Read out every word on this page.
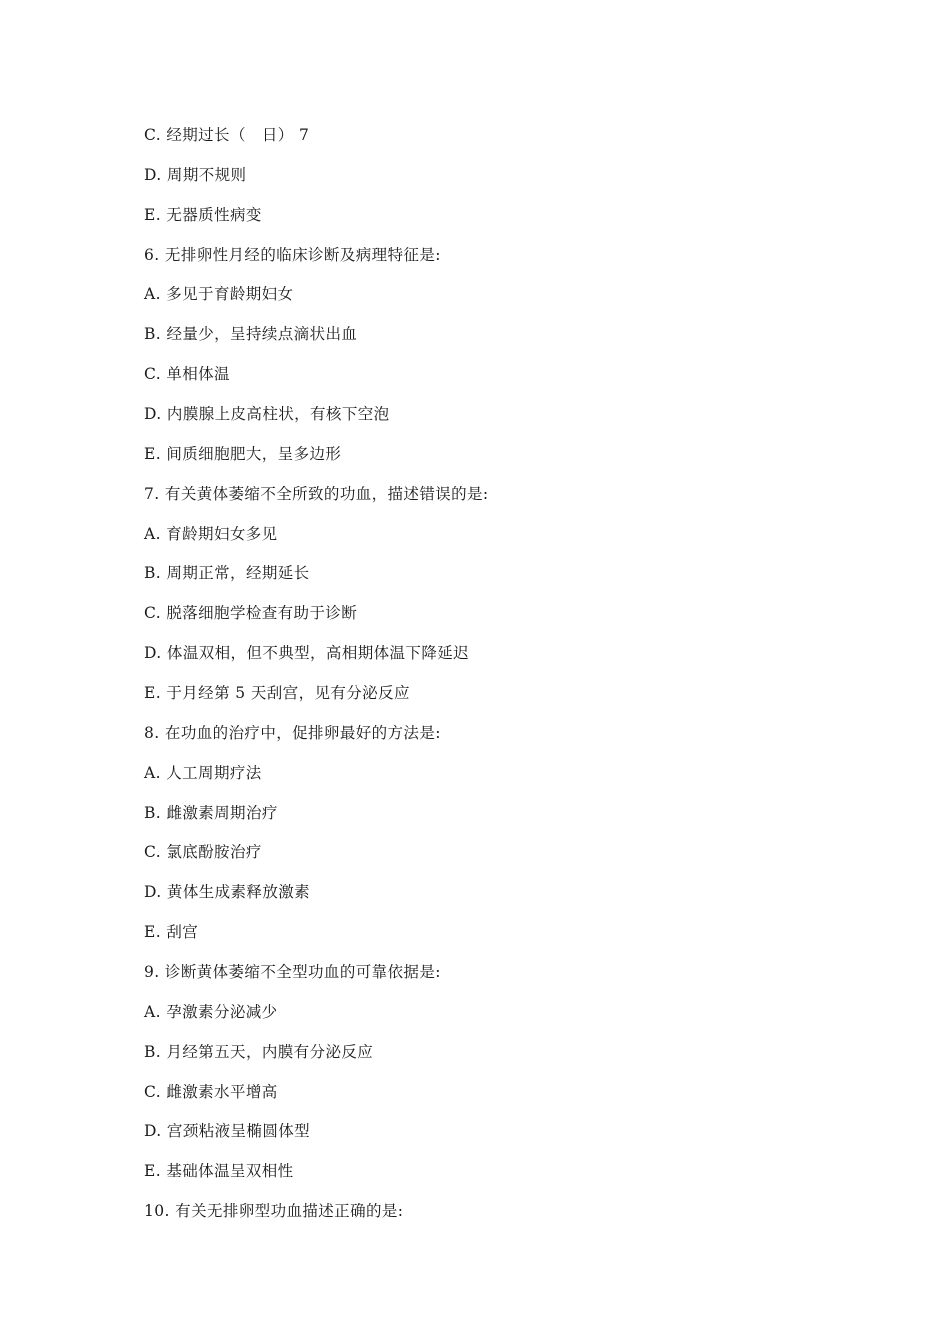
C. 经期过长（   日） 7
D. 周期不规则
E. 无器质性病变
6. 无排卵性月经的临床诊断及病理特征是:
A. 多见于育龄期妇女
B. 经量少，呈持续点滴状出血
C. 单相体温
D. 内膜腺上皮高柱状，有核下空泡
E. 间质细胞肥大，呈多边形
7. 有关黄体萎缩不全所致的功血，描述错误的是:
A. 育龄期妇女多见
B. 周期正常，经期延长
C. 脱落细胞学检查有助于诊断
D. 体温双相，但不典型，高相期体温下降延迟
E. 于月经第 5 天刮宫，见有分泌反应
8. 在功血的治疗中，促排卵最好的方法是:
A. 人工周期疗法
B. 雌激素周期治疗
C. 氯底酚胺治疗
D. 黄体生成素释放激素
E. 刮宫
9. 诊断黄体萎缩不全型功血的可靠依据是:
A. 孕激素分泌减少
B. 月经第五天，内膜有分泌反应
C. 雌激素水平增高
D. 宫颈粘液呈椭圆体型
E. 基础体温呈双相性
10. 有关无排卵型功血描述正确的是:
